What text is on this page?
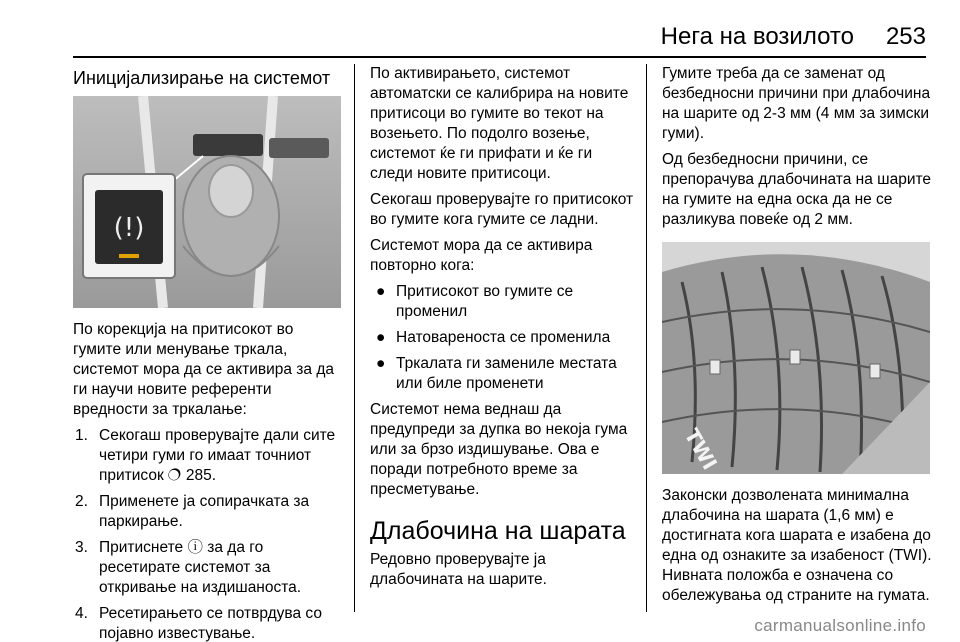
Нега на возилото 253
Иницијализирање на системот
(!)

По корекција на притисокот во гумите или менување тркала, системот мора да се активира за да ги научи новите референти вредности за тркалање:

1. Секогаш проверувајте дали сите четири гуми го имаат точниот притисок 🔿 285.
2. Применете ја сопирачката за паркирање.
3. Притиснете ⓘ за да го ресетирате системот за откривање на издишаноста.
4. Ресетирањето се потврдува со појавно известување.

По активирањето, системот автоматски се калибрира на новите притисоци во гумите во текот на возењето. По подолго возење, системот ќе ги прифати и ќе ги следи новите притисоци.

Секогаш проверувајте го притисокот во гумите кога гумите се ладни.

Системот мора да се активира повторно кога:

● Притисокот во гумите се променил
● Натовареноста се променила
● Тркалата ги замениле местата или биле променети

Системот нема веднаш да предупреди за дупка во некоја гума или за брзо издишување. Ова е поради потребното време за пресметување.

Длабочина на шарата

Редовно проверувајте ја длабочината на шарите.

Гумите треба да се заменат од безбедносни причини при длабочина на шарите од 2-3 мм (4 мм за зимски гуми).

Од безбедносни причини, се препорачува длабочината на шарите на гумите на една оска да не се разликува повеќе од 2 мм.

TWI

Законски дозволената минимална длабочина на шарата (1,6 мм) е достигната кога шарата е изабена до една од ознаките за изабеност (TWI). Нивната положба е означена со обележувања од страните на гумата.

carmanualsonline.info
